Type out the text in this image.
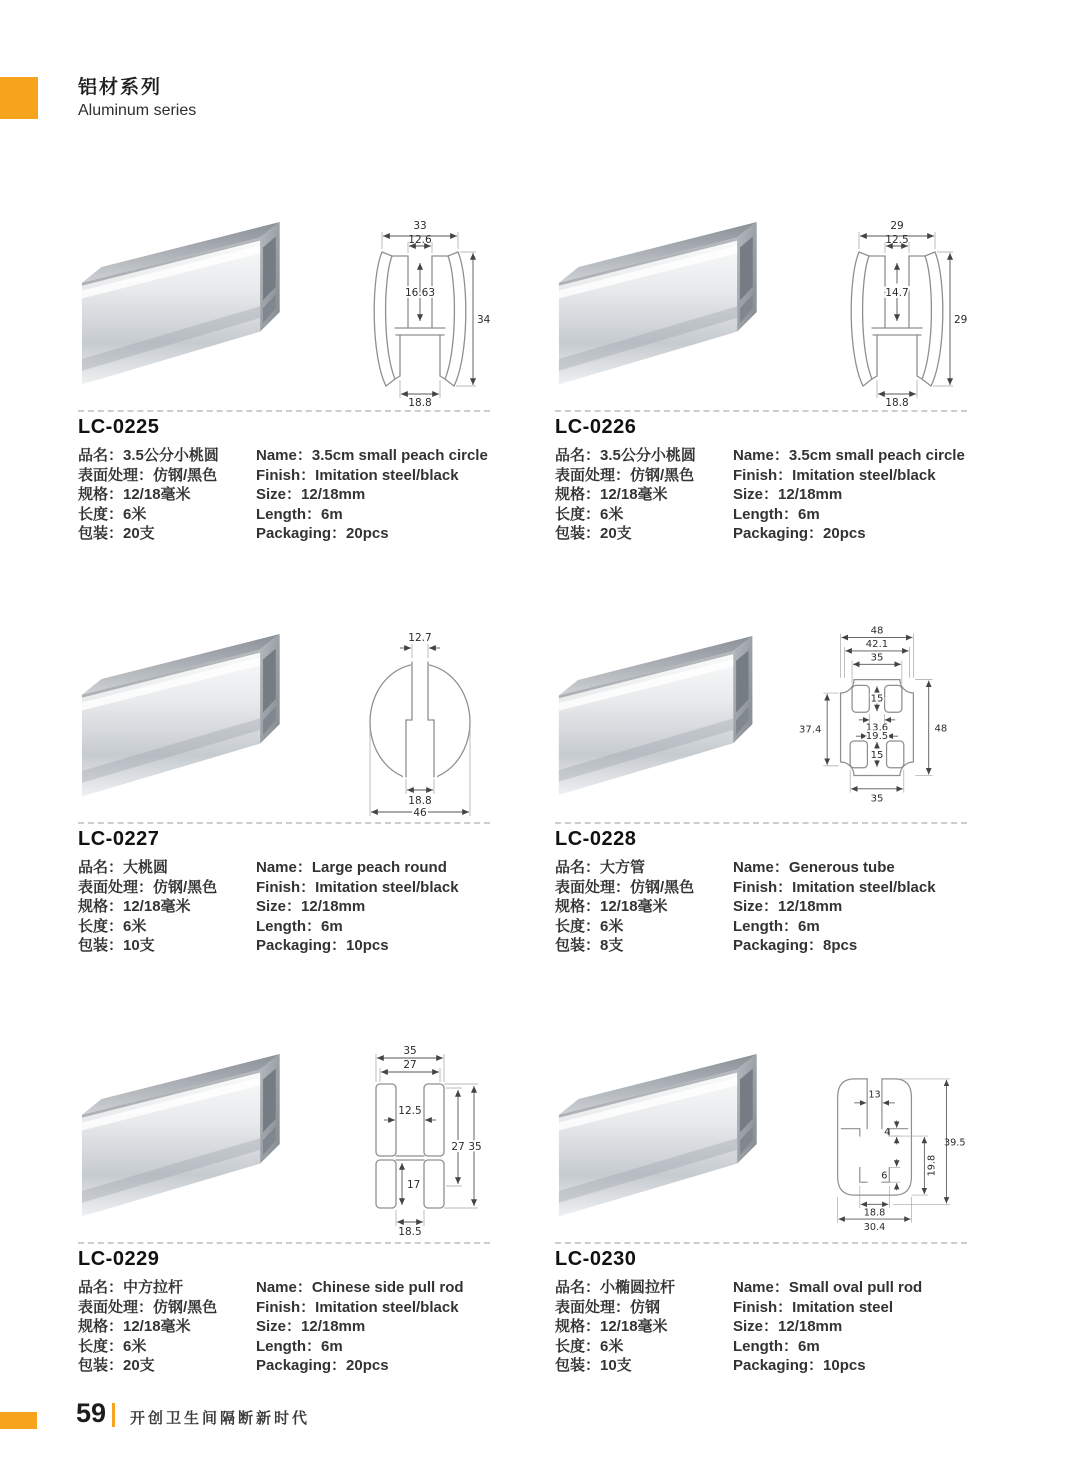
铝材系列
Aluminum series
33
12.6
16.63
34
18.8
LC-0225
品名：3.5公分小桃圆
表面处理：仿钢/黑色
规格：12/18毫米
长度：6米
包装：20支
Name：3.5cm small peach circle
Finish：Imitation steel/black
Size：12/18mm
Length：6m
Packaging：20pcs
29
12.5
14.7
29
18.8
LC-0226
品名：3.5公分小桃圆
表面处理：仿钢/黑色
规格：12/18毫米
长度：6米
包装：20支
Name：3.5cm small peach circle
Finish：Imitation steel/black
Size：12/18mm
Length：6m
Packaging：20pcs
12.7
18.8
46
LC-0227
品名：大桃圆
表面处理：仿钢/黑色
规格：12/18毫米
长度：6米
包装：10支
Name：Large peach round
Finish：Imitation steel/black
Size：12/18mm
Length：6m
Packaging：10pcs
48
42.1
35
15
13.6
19.5
15
35
37.4	48
LC-0228
品名：大方管
表面处理：仿钢/黑色
规格：12/18毫米
长度：6米
包装：8支
Name：Generous tube
Finish：Imitation steel/black
Size：12/18mm
Length：6m
Packaging：8pcs
35
27
12.5
17
27 35
18.5
LC-0229
品名：中方拉杆
表面处理：仿钢/黑色
规格：12/18毫米
长度：6米
包装：20支
Name：Chinese side pull rod
Finish：Imitation steel/black
Size：12/18mm
Length：6m
Packaging：20pcs
13
4
6	19.8
39.5
18.8
30.4
LC-0230
品名：小椭圆拉杆
表面处理：仿钢
规格：12/18毫米
长度：6米
包装：10支
Name：Small oval pull rod
Finish：Imitation steel
Size：12/18mm
Length：6m
Packaging：10pcs
59 开创卫生间隔断新时代
